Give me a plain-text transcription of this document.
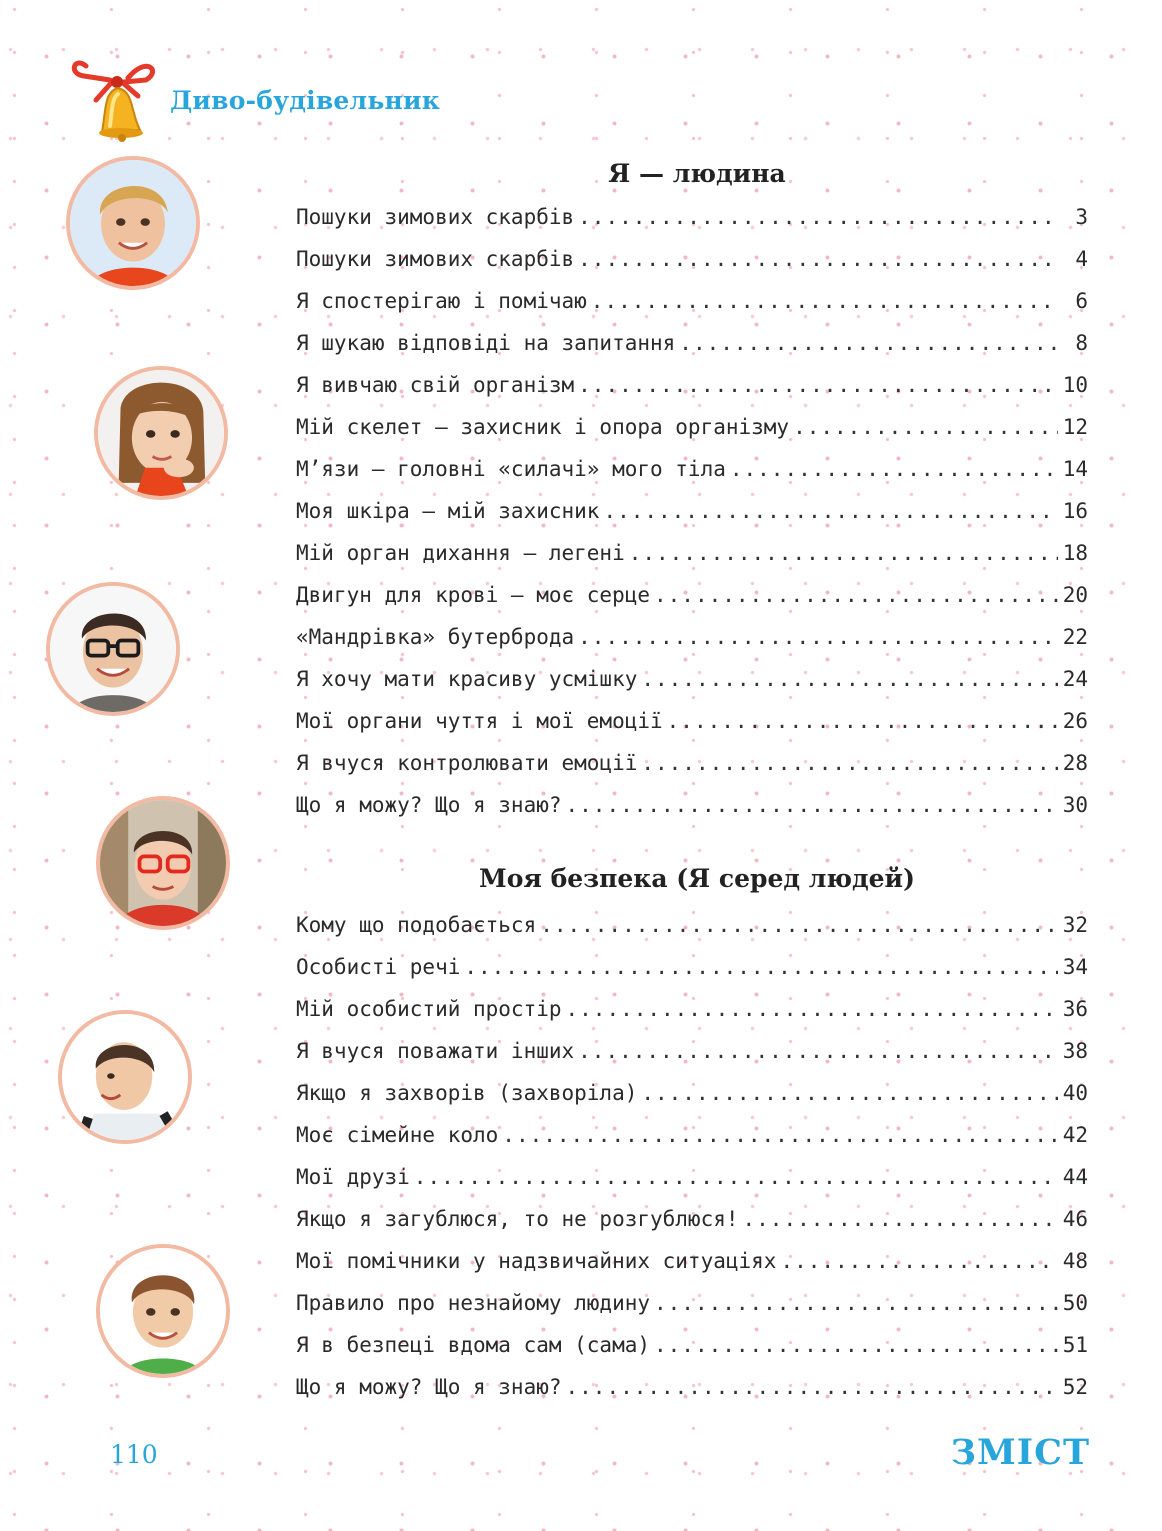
Диво-будівельник

Я — людина
Пошуки зимових скарбів .....	3
Пошуки зимових скарбів .....	4
Я спостерігаю і помічаю .....	6
Я шукаю відповіді на запитання .....	8
Я вивчаю свій організм .....	10
Мій скелет — захисник і опора організму .....	12
М’язи — головні «силачі» мого тіла .....	14
Моя шкіра — мій захисник .....	16
Мій орган дихання — легені .....	18
Двигун для крові – моє серце .....	20
«Мандрівка» бутерброда .....	22
Я хочу мати красиву усмішку .....	24
Мої органи чуття і мої емоції .....	26
Я вчуся контролювати емоції .....	28
Що я можу? Що я знаю? .....	30
Моя безпека (Я серед людей)
Кому що подобається .....	32
Особисті речі .....	34
Мій особистий простір .....	36
Я вчуся поважати інших .....	38
Якщо я захворів (захворіла) .....	40
Моє сімейне коло .....	42
Мої друзі .....	44
Якщо я загублюся, то не розгублюся! .....	46
Мої помічники у надзвичайних ситуаціях .....	48
Правило про незнайому людину .....	50
Я в безпеці вдома сам (сама) .....	51
Що я можу? Що я знаю? .....	52

110	ЗМІСТ
